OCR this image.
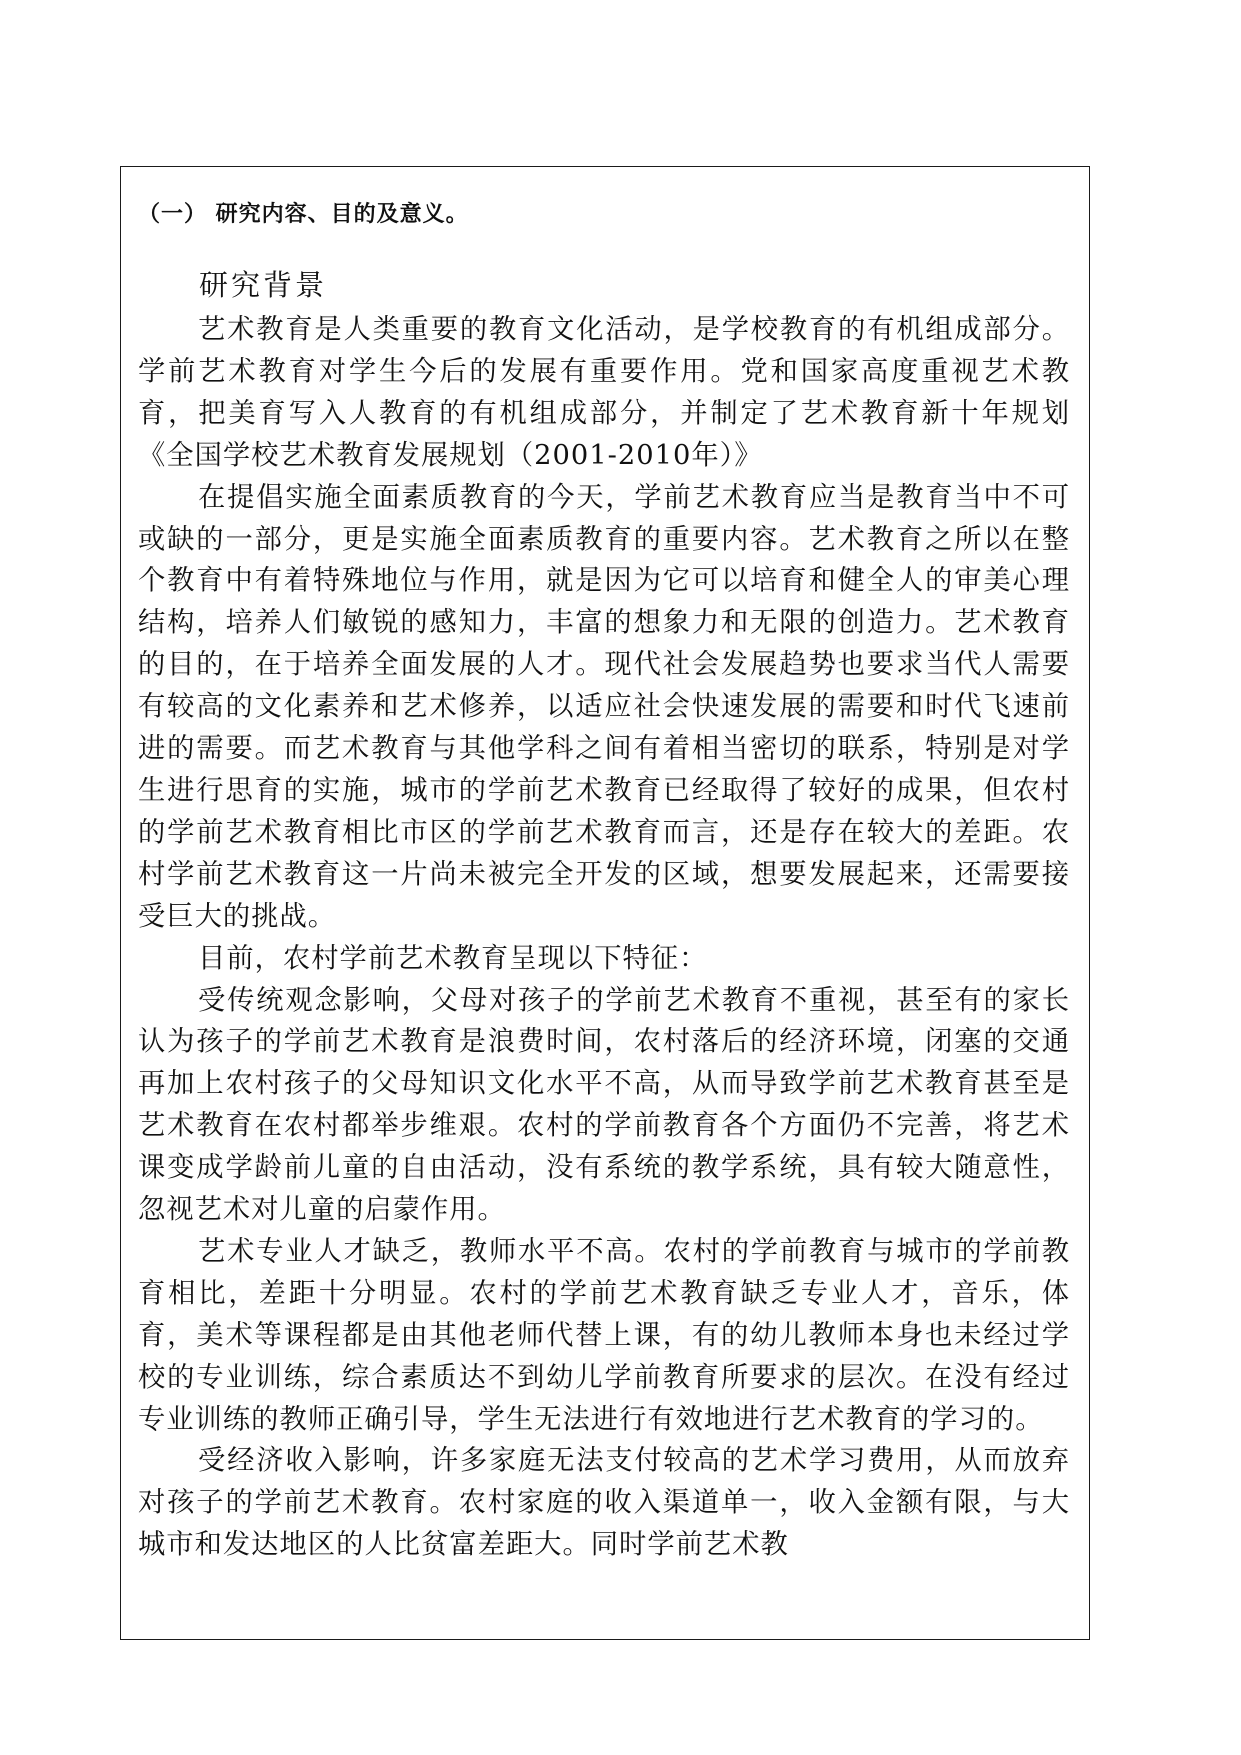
（一） 研究内容、目的及意义。
研究背景

艺术教育是人类重要的教育文化活动，是学校教育的有机组成部分。学前艺术教育对学生今后的发展有重要作用。党和国家高度重视艺术教育，把美育写入人教育的有机组成部分，并制定了艺术教育新十年规划《全国学校艺术教育发展规划（2001-2010年）》

在提倡实施全面素质教育的今天，学前艺术教育应当是教育当中不可或缺的一部分，更是实施全面素质教育的重要内容。艺术教育之所以在整个教育中有着特殊地位与作用，就是因为它可以培育和健全人的审美心理结构，培养人们敏锐的感知力，丰富的想象力和无限的创造力。艺术教育的目的，在于培养全面发展的人才。现代社会发展趋势也要求当代人需要有较高的文化素养和艺术修养，以适应社会快速发展的需要和时代飞速前进的需要。而艺术教育与其他学科之间有着相当密切的联系，特别是对学生进行思育的实施，城市的学前艺术教育已经取得了较好的成果，但农村的学前艺术教育相比市区的学前艺术教育而言，还是存在较大的差距。农村学前艺术教育这一片尚未被完全开发的区域，想要发展起来，还需要接受巨大的挑战。

目前，农村学前艺术教育呈现以下特征：

受传统观念影响，父母对孩子的学前艺术教育不重视，甚至有的家长认为孩子的学前艺术教育是浪费时间，农村落后的经济环境，闭塞的交通再加上农村孩子的父母知识文化水平不高，从而导致学前艺术教育甚至是艺术教育在农村都举步维艰。农村的学前教育各个方面仍不完善，将艺术课变成学龄前儿童的自由活动，没有系统的教学系统，具有较大随意性，忽视艺术对儿童的启蒙作用。

艺术专业人才缺乏，教师水平不高。农村的学前教育与城市的学前教育相比，差距十分明显。农村的学前艺术教育缺乏专业人才，音乐，体育，美术等课程都是由其他老师代替上课，有的幼儿教师本身也未经过学校的专业训练，综合素质达不到幼儿学前教育所要求的层次。在没有经过专业训练的教师正确引导，学生无法进行有效地进行艺术教育的学习的。

受经济收入影响，许多家庭无法支付较高的艺术学习费用，从而放弃对孩子的学前艺术教育。农村家庭的收入渠道单一，收入金额有限，与大城市和发达地区的人比贫富差距大。同时学前艺术教
